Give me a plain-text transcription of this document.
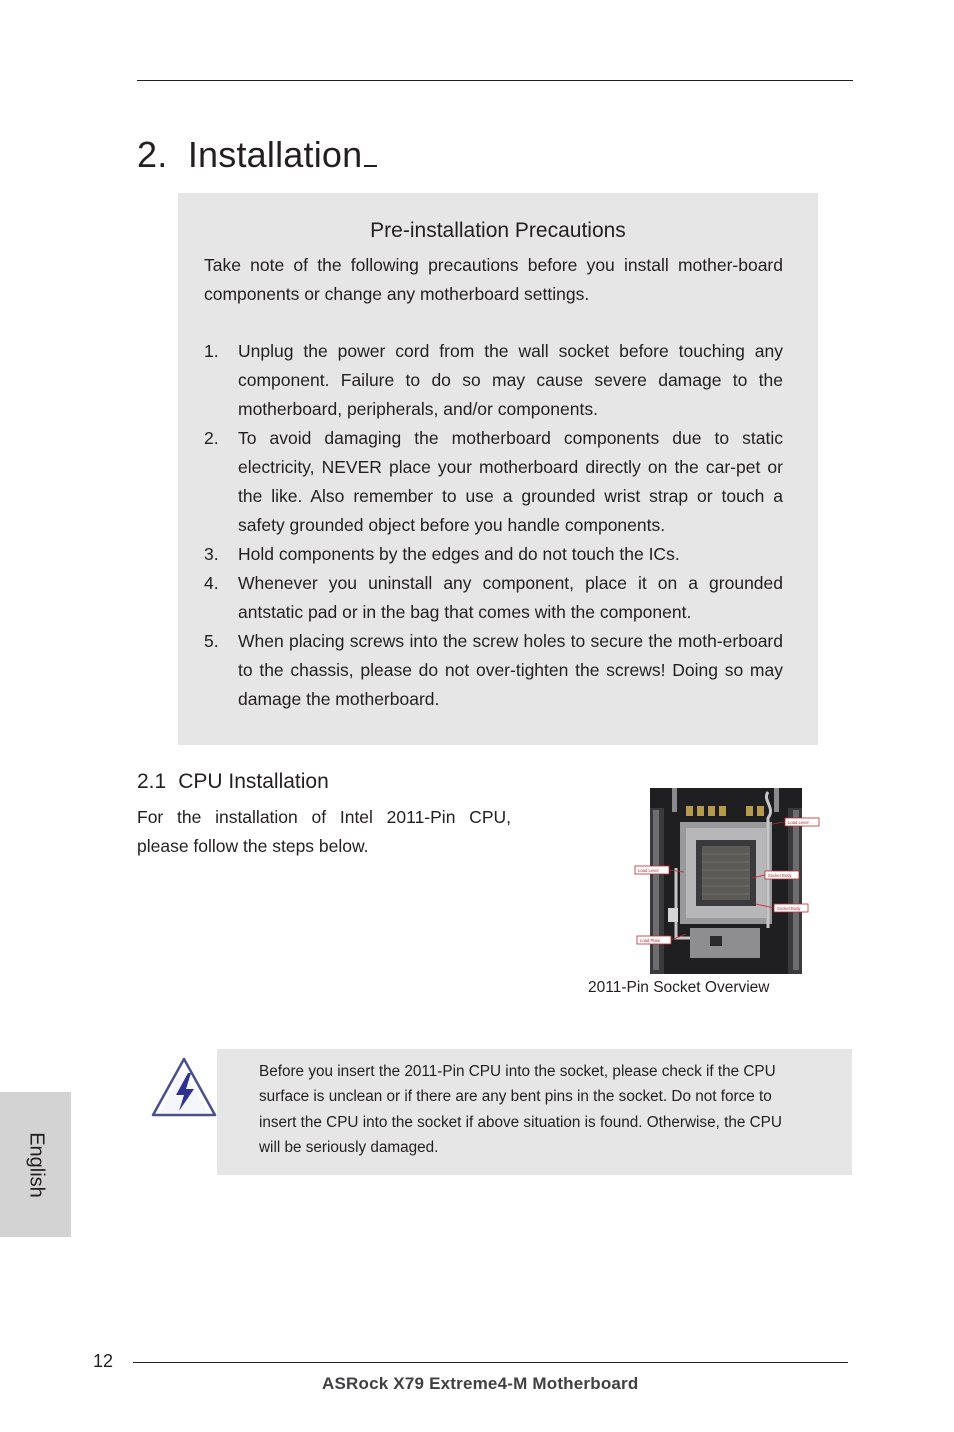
2. Installation
Pre-installation Precautions
Take note of the following precautions before you install mother-board components or change any motherboard settings.
1. Unplug the power cord from the wall socket before touching any component. Failure to do so may cause severe damage to the motherboard, peripherals, and/or components.
2. To avoid damaging the motherboard components due to static electricity, NEVER place your motherboard directly on the car-pet or the like. Also remember to use a grounded wrist strap or touch a safety grounded object before you handle components.
3. Hold components by the edges and do not touch the ICs.
4. Whenever you uninstall any component, place it on a grounded antstatic pad or in the bag that comes with the component.
5. When placing screws into the screw holes to secure the moth-erboard to the chassis, please do not over-tighten the screws! Doing so may damage the motherboard.
2.1 CPU Installation
For the installation of Intel 2011-Pin CPU, please follow the steps below.
Load Lever
Load Lever
Socket Body
Socket Body
Load Plate
2011-Pin Socket Overview
Before you insert the 2011-Pin CPU into the socket, please check if the CPU surface is unclean or if there are any bent pins in the socket. Do not force to insert the CPU into the socket if above situation is found. Otherwise, the CPU will be seriously damaged.
English
12
ASRock X79 Extreme4-M Motherboard
